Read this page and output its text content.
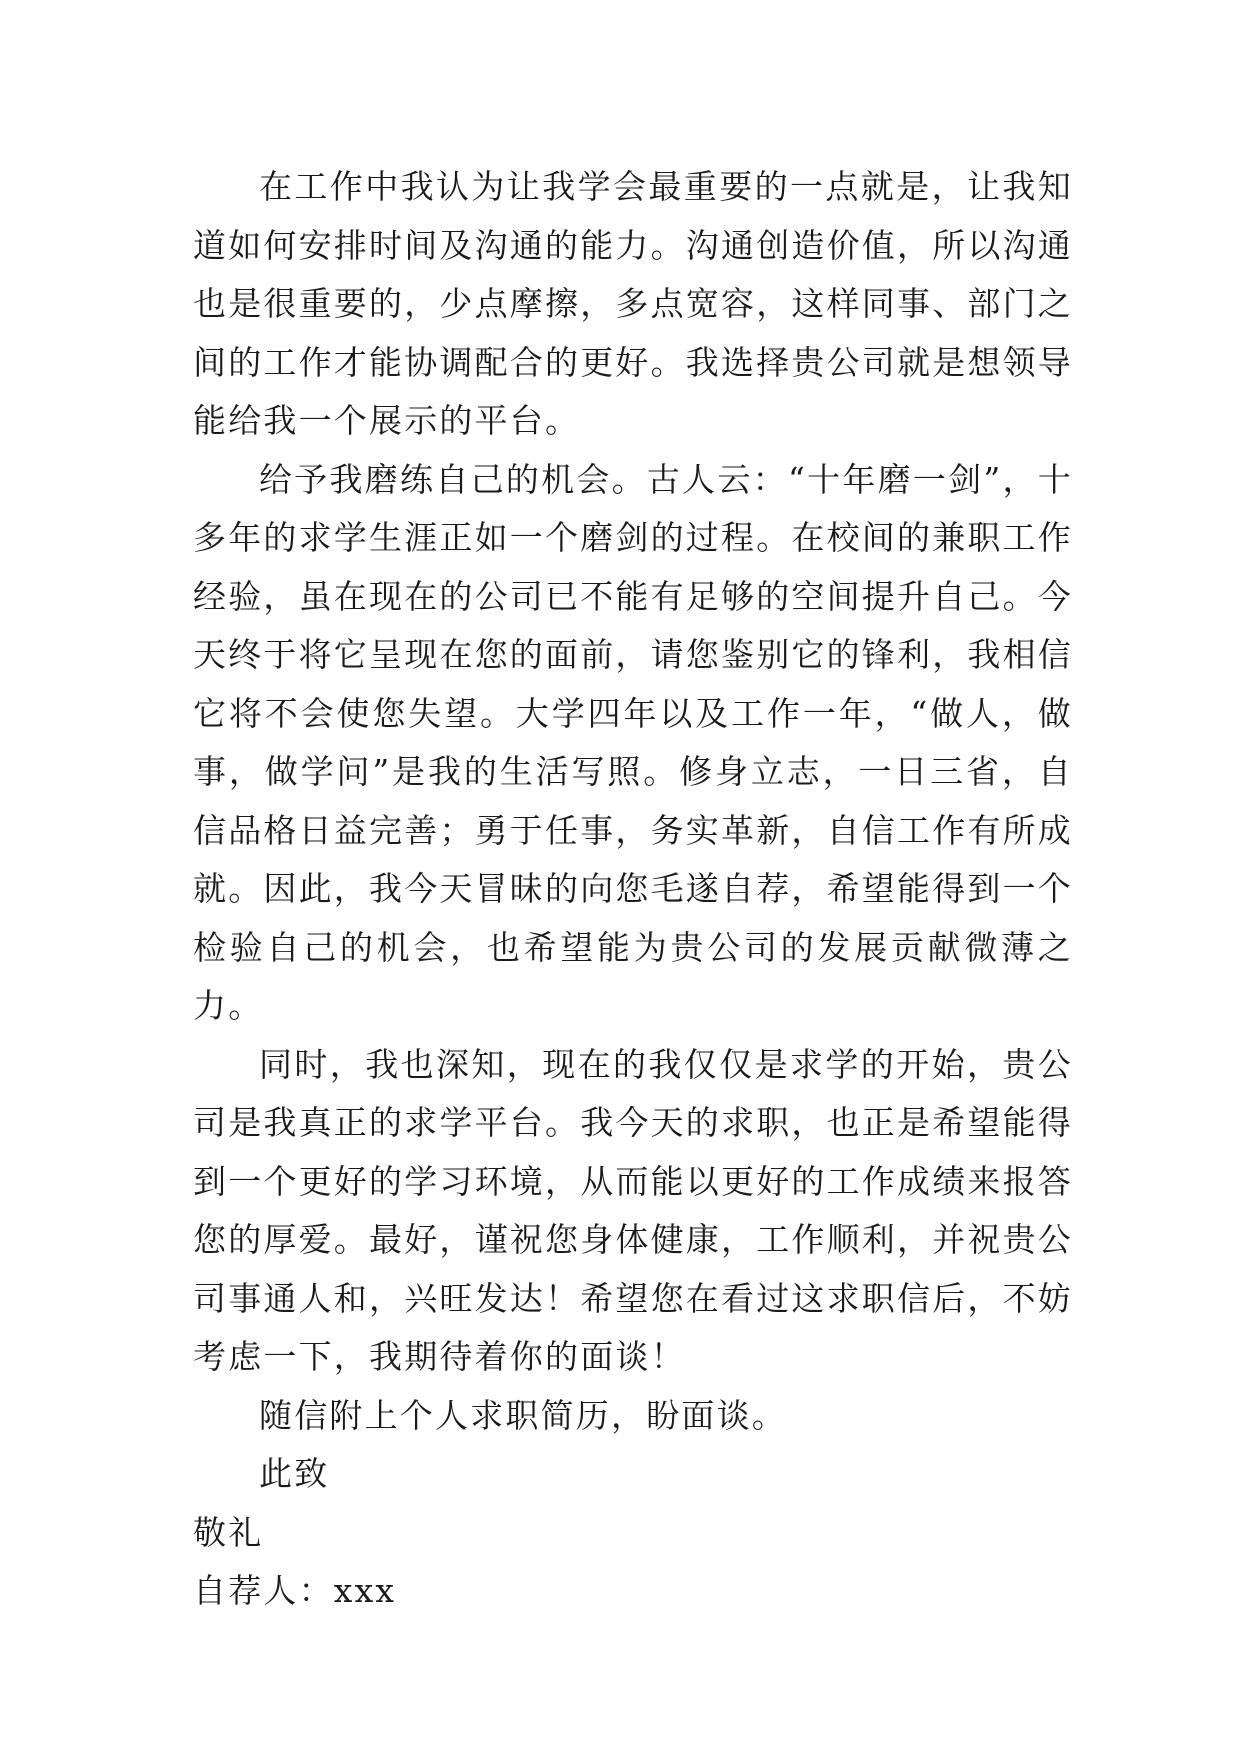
在工作中我认为让我学会最重要的一点就是，让我知道如何安排时间及沟通的能力。沟通创造价值，所以沟通也是很重要的，少点摩擦，多点宽容，这样同事、部门之间的工作才能协调配合的更好。我选择贵公司就是想领导能给我一个展示的平台。

给予我磨练自己的机会。古人云：“十年磨一剑”，十多年的求学生涯正如一个磨剑的过程。在校间的兼职工作经验，虽在现在的公司已不能有足够的空间提升自己。今天终于将它呈现在您的面前，请您鉴别它的锋利，我相信它将不会使您失望。大学四年以及工作一年，“做人，做事，做学问”是我的生活写照。修身立志，一日三省，自信品格日益完善；勇于任事，务实革新，自信工作有所成就。因此，我今天冒昧的向您毛遂自荐，希望能得到一个检验自己的机会，也希望能为贵公司的发展贡献微薄之力。

同时，我也深知，现在的我仅仅是求学的开始，贵公司是我真正的求学平台。我今天的求职，也正是希望能得到一个更好的学习环境，从而能以更好的工作成绩来报答您的厚爱。最好，谨祝您身体健康，工作顺利，并祝贵公司事通人和，兴旺发达！希望您在看过这求职信后，不妨考虑一下，我期待着你的面谈！

随信附上个人求职简历，盼面谈。

此致

敬礼

自荐人：xxx
